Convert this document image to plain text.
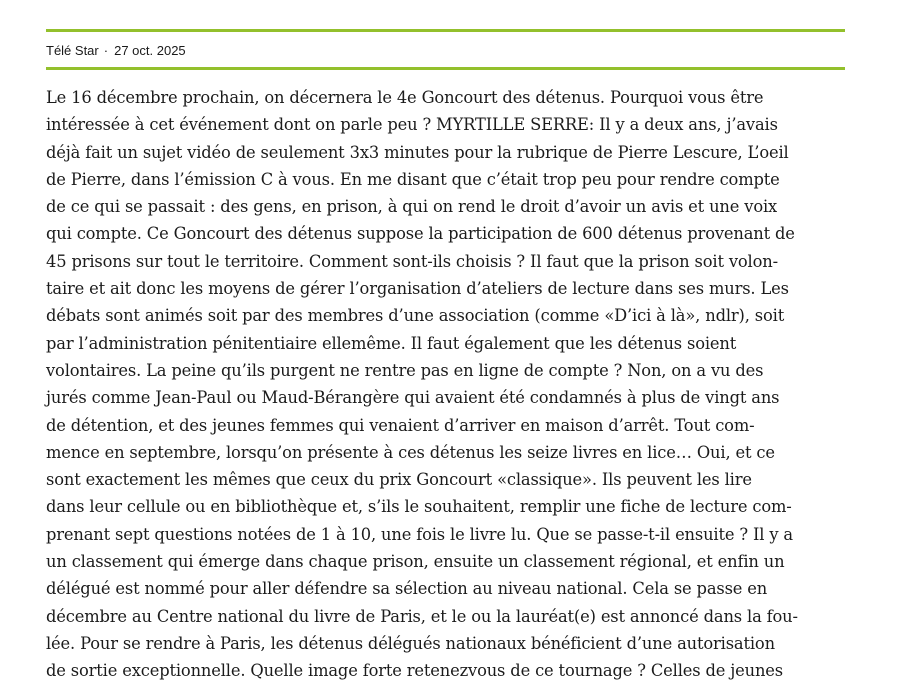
Télé Star · 27 oct. 2025
Le 16 décembre prochain, on décernera le 4e Goncourt des détenus. Pourquoi vous être
intéressée à cet événement dont on parle peu ? MYRTILLE SERRE: Il y a deux ans, j’avais
déjà fait un sujet vidéo de seulement 3x3 minutes pour la rubrique de Pierre Lescure, L’oeil
de Pierre, dans l’émission C à vous. En me disant que c’était trop peu pour rendre compte
de ce qui se passait : des gens, en prison, à qui on rend le droit d’avoir un avis et une voix
qui compte. Ce Goncourt des détenus suppose la participation de 600 détenus provenant de
45 prisons sur tout le territoire. Comment sont-ils choisis ? Il faut que la prison soit volon-
taire et ait donc les moyens de gérer l’organisation d’ateliers de lecture dans ses murs. Les
débats sont animés soit par des membres d’une association (comme «D’ici à là», ndlr), soit
par l’administration pénitentiaire ellemême. Il faut également que les détenus soient
volontaires. La peine qu’ils purgent ne rentre pas en ligne de compte ? Non, on a vu des
jurés comme Jean-Paul ou Maud-Bérangère qui avaient été condamnés à plus de vingt ans
de détention, et des jeunes femmes qui venaient d’arriver en maison d’arrêt. Tout com-
mence en septembre, lorsqu’on présente à ces détenus les seize livres en lice… Oui, et ce
sont exactement les mêmes que ceux du prix Goncourt «classique». Ils peuvent les lire
dans leur cellule ou en bibliothèque et, s’ils le souhaitent, remplir une fiche de lecture com-
prenant sept questions notées de 1 à 10, une fois le livre lu. Que se passe-t-il ensuite ? Il y a
un classement qui émerge dans chaque prison, ensuite un classement régional, et enfin un
délégué est nommé pour aller défendre sa sélection au niveau national. Cela se passe en
décembre au Centre national du livre de Paris, et le ou la lauréat(e) est annoncé dans la fou-
lée. Pour se rendre à Paris, les détenus délégués nationaux bénéficient d’une autorisation
de sortie exceptionnelle. Quelle image forte retenezvous de ce tournage ? Celles de jeunes
